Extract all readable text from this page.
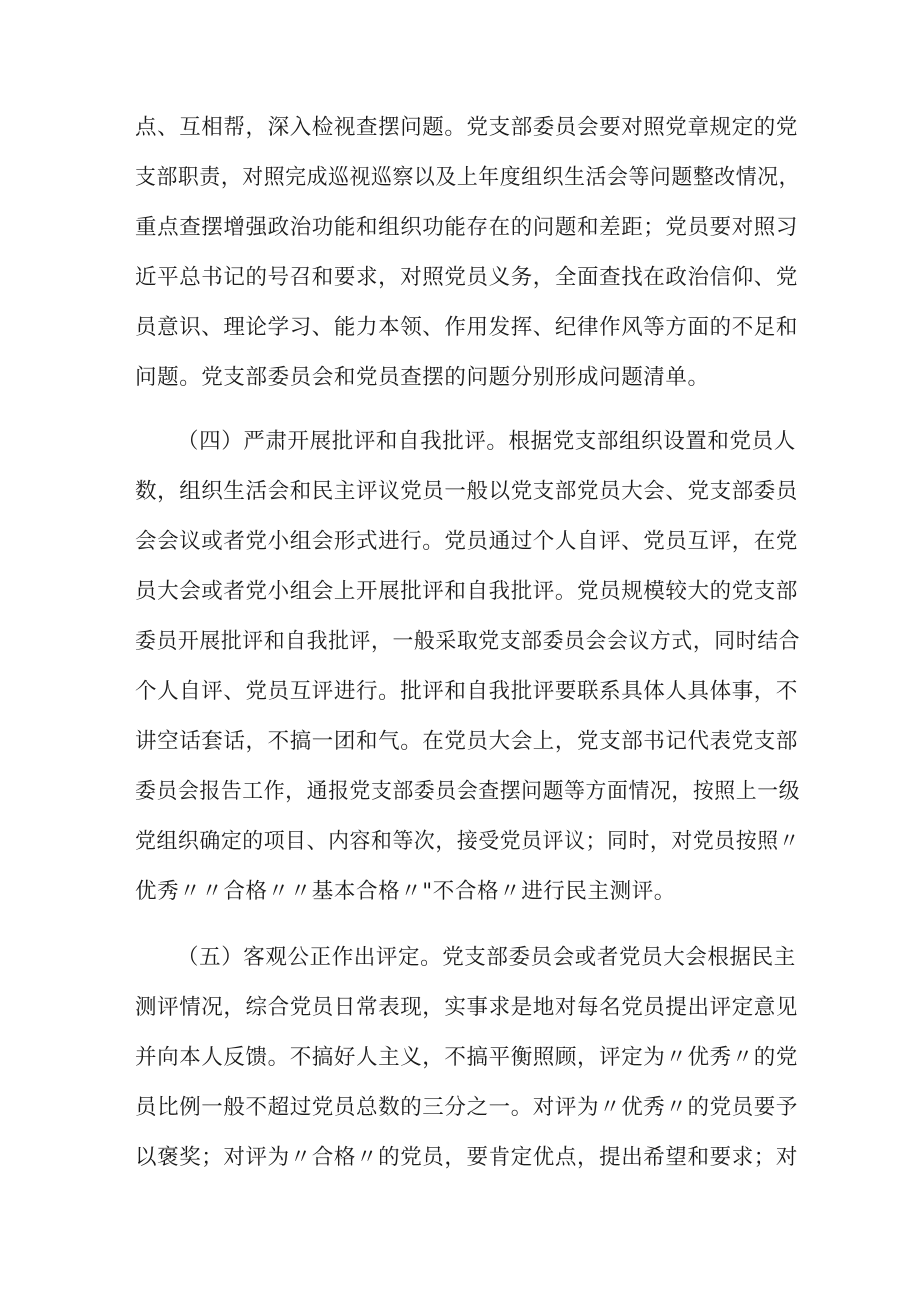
点、互相帮，深入检视查摆问题。党支部委员会要对照党章规定的党
支部职责，对照完成巡视巡察以及上年度组织生活会等问题整改情况，
重点查摆增强政治功能和组织功能存在的问题和差距；党员要对照习
近平总书记的号召和要求，对照党员义务，全面查找在政治信仰、党
员意识、理论学习、能力本领、作用发挥、纪律作风等方面的不足和
问题。党支部委员会和党员查摆的问题分别形成问题清单。
（四）严肃开展批评和自我批评。根据党支部组织设置和党员人
数，组织生活会和民主评议党员一般以党支部党员大会、党支部委员
会会议或者党小组会形式进行。党员通过个人自评、党员互评，在党
员大会或者党小组会上开展批评和自我批评。党员规模较大的党支部
委员开展批评和自我批评，一般采取党支部委员会会议方式，同时结合
个人自评、党员互评进行。批评和自我批评要联系具体人具体事，不
讲空话套话，不搞一团和气。在党员大会上，党支部书记代表党支部
委员会报告工作，通报党支部委员会查摆问题等方面情况，按照上一级
党组织确定的项目、内容和等次，接受党员评议；同时，对党员按照〃
优秀〃〃合格〃〃基本合格〃"不合格〃进行民主测评。
（五）客观公正作出评定。党支部委员会或者党员大会根据民主
测评情况，综合党员日常表现，实事求是地对每名党员提出评定意见
并向本人反馈。不搞好人主义，不搞平衡照顾，评定为〃优秀〃的党
员比例一般不超过党员总数的三分之一。对评为〃优秀〃的党员要予
以褒奖；对评为〃合格〃的党员，要肯定优点，提出希望和要求；对
